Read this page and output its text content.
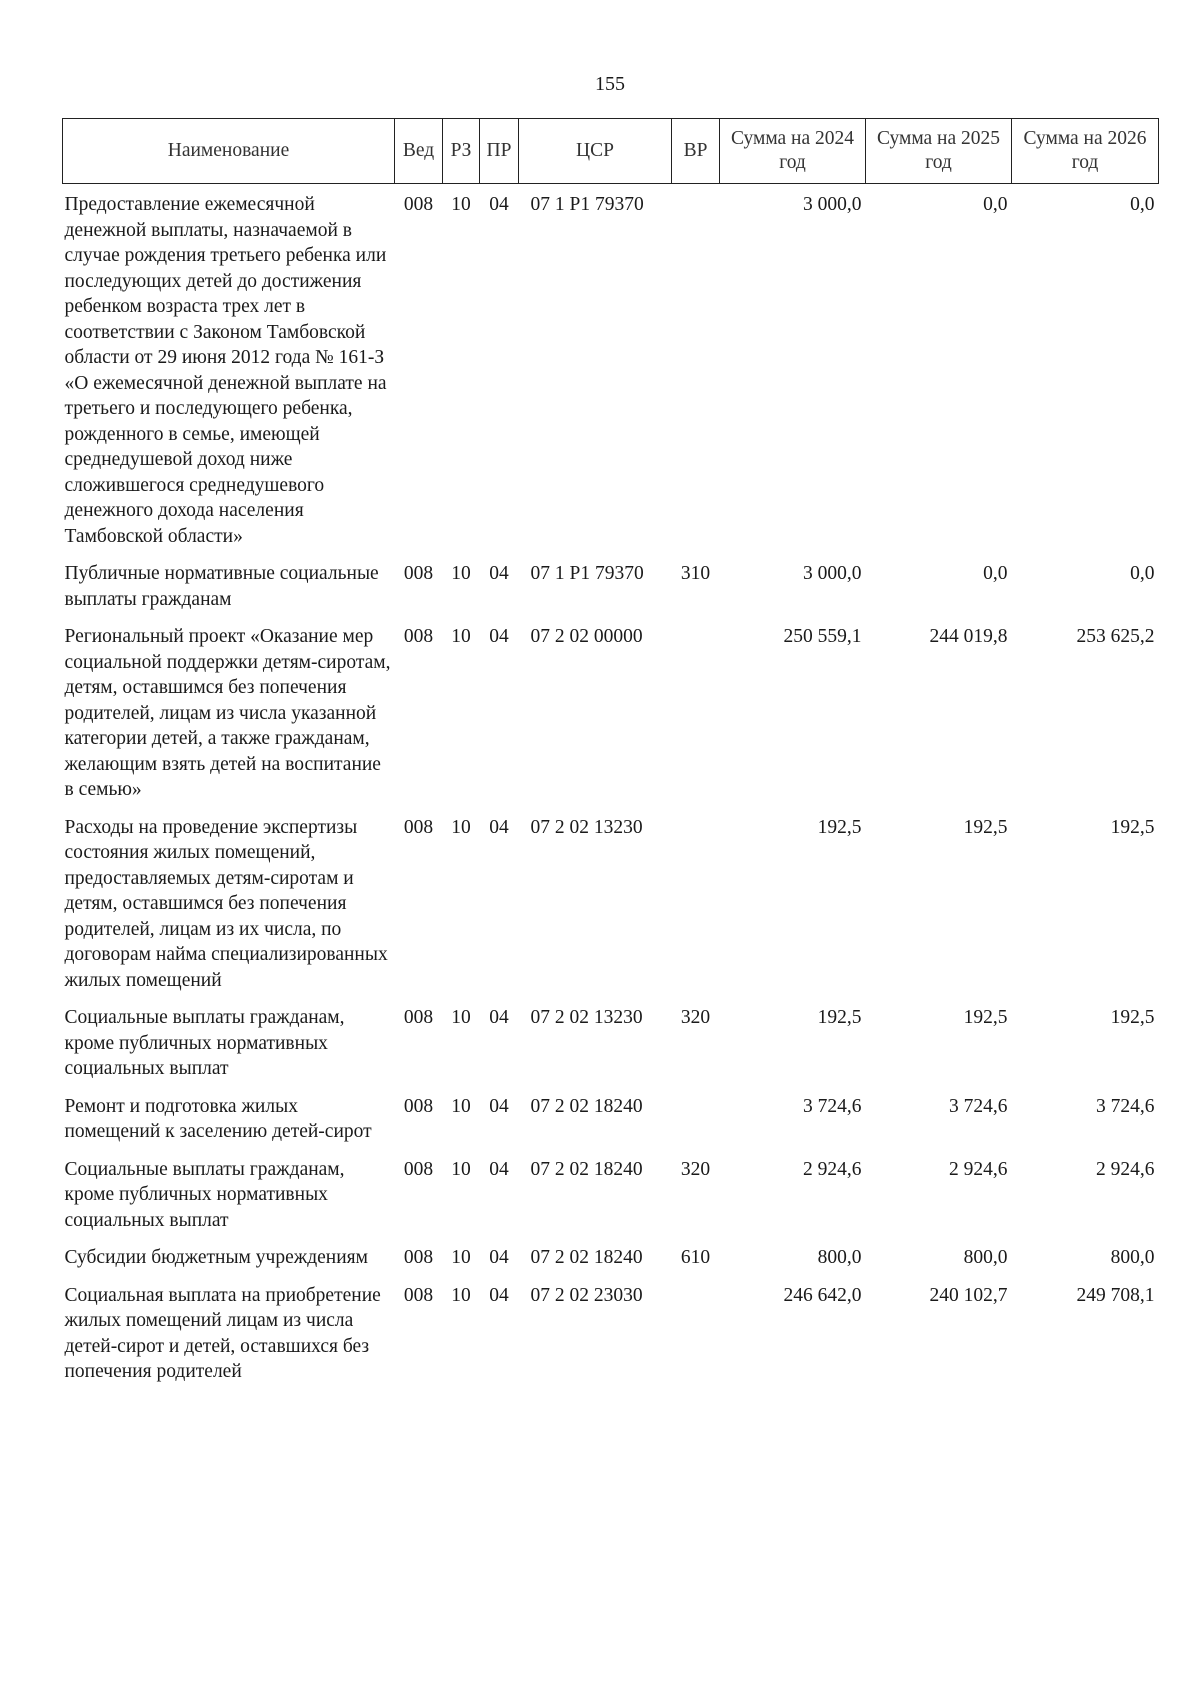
155
Наименование	Вед	РЗ	ПР	ЦСР	ВР	Сумма на 2024 год	Сумма на 2025 год	Сумма на 2026 год
Предоставление ежемесячной денежной выплаты, назначаемой в случае рождения третьего ребенка или последующих детей до достижения ребенком возраста трех лет в соответствии с Законом Тамбовской области от 29 июня 2012 года № 161-З «О ежемесячной денежной выплате на третьего и последующего ребенка, рожденного в семье, имеющей среднедушевой доход ниже сложившегося среднедушевого денежного дохода населения Тамбовской области»	008	10	04	07 1 Р1 79370		3 000,0	0,0	0,0
Публичные нормативные социальные выплаты гражданам	008	10	04	07 1 Р1 79370	310	3 000,0	0,0	0,0
Региональный проект «Оказание мер социальной поддержки детям-сиротам, детям, оставшимся без попечения родителей, лицам из числа указанной категории детей, а также гражданам, желающим взять детей на воспитание в семью»	008	10	04	07 2 02 00000		250 559,1	244 019,8	253 625,2
Расходы на проведение экспертизы состояния жилых помещений, предоставляемых детям-сиротам и детям, оставшимся без попечения родителей, лицам из их числа, по договорам найма специализированных жилых помещений	008	10	04	07 2 02 13230		192,5	192,5	192,5
Социальные выплаты гражданам, кроме публичных нормативных социальных выплат	008	10	04	07 2 02 13230	320	192,5	192,5	192,5
Ремонт и подготовка жилых помещений к заселению детей-сирот	008	10	04	07 2 02 18240		3 724,6	3 724,6	3 724,6
Социальные выплаты гражданам, кроме публичных нормативных социальных выплат	008	10	04	07 2 02 18240	320	2 924,6	2 924,6	2 924,6
Субсидии бюджетным учреждениям	008	10	04	07 2 02 18240	610	800,0	800,0	800,0
Социальная выплата на приобретение жилых помещений лицам из числа детей-сирот и детей, оставшихся без попечения родителей	008	10	04	07 2 02 23030		246 642,0	240 102,7	249 708,1
